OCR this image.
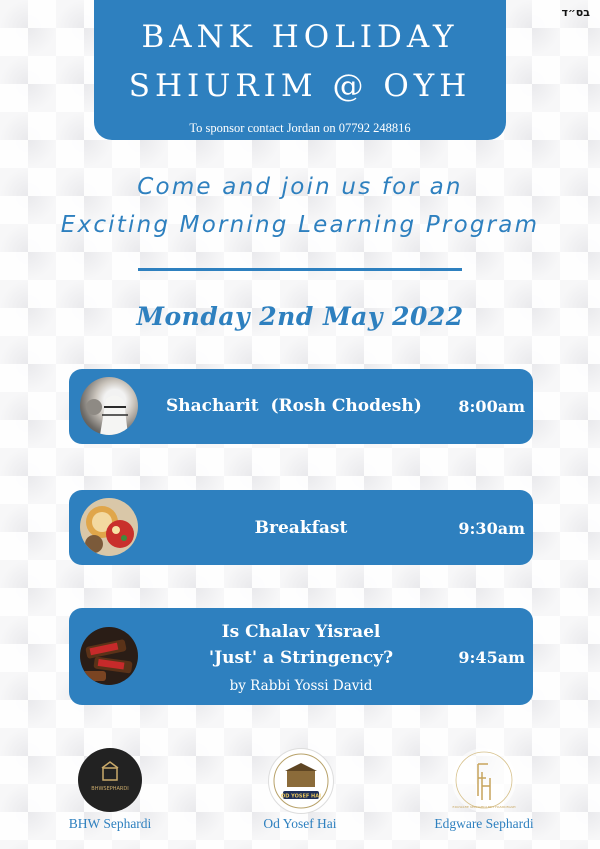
בס״ד
BANK HOLIDAY
SHIURIM @ OYH
To sponsor contact Jordan on 07792 248816
Come and join us for an
Exciting Morning Learning Program
Monday 2nd May 2022
Shacharit  (Rosh Chodesh) 8:00am
Breakfast	9:30am
Is Chalav Yisrael
'Just' a Stringency?
by Rabbi Yossi David
9:45am
BHWSEPHARDI
BHW Sephardi
OD YOSEF HAI
Od Yosef Hai
EDGWARE SEPHARDI BET HAMIDRASH
Edgware Sephardi
